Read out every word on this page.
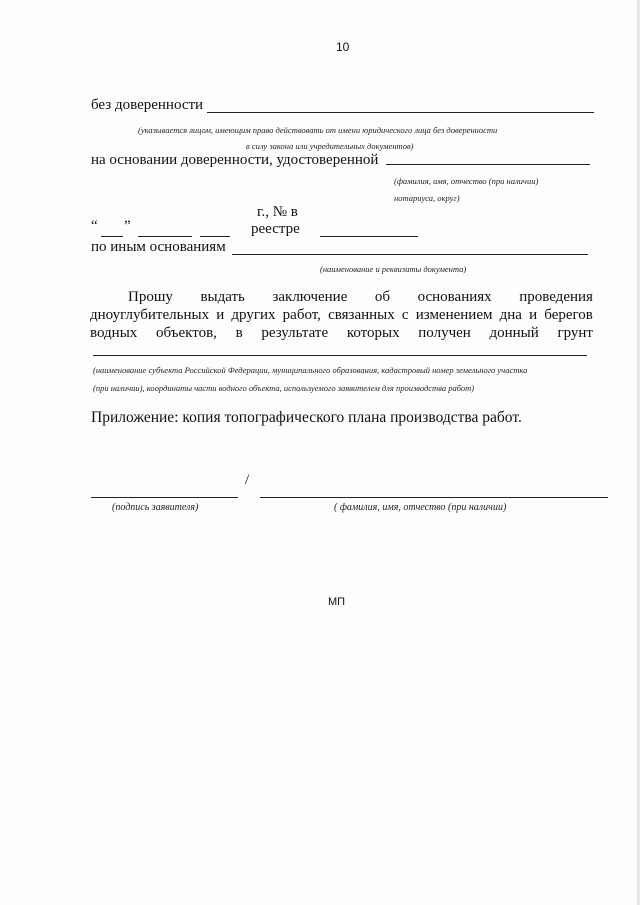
10
без доверенности
(указывается лицом, имеющим право действовать от имени юридического лица без доверенности
в силу закона или учредительных документов)
на основании доверенности, удостоверенной
(фамилия, имя, отчество (при наличии)
нотариуса, округ)
г., № в
“ ”	реестре
по иным основаниям
(наименование и реквизиты документа)
Прошу выдать заключение об основаниях проведения
дноуглубительных и других работ, связанных с изменением дна и берегов
водных объектов, в результате которых получен донный грунт
(наименование субъекта Российской Федерации, муниципального образования, кадастровый номер земельного участка
(при наличии), координаты части водного объекта, используемого заявителем для производства работ)
Приложение: копия топографического плана производства работ.
/
(подпись заявителя)	( фамилия, имя, отчество (при наличии)
МП
